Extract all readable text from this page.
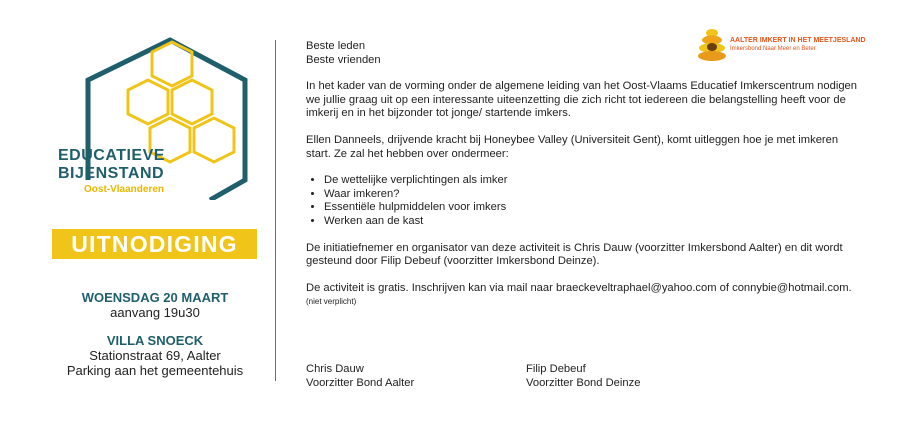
EDUCATIEVE
BIJENSTAND
Oost-Vlaanderen
UITNODIGING
WOENSDAG 20 MAART
aanvang 19u30
VILLA SNOECK
Stationstraat 69, Aalter
Parking aan het gemeentehuis
AALTER IMKERT IN HET MEETJESLAND
Imkersbond Naar Meer en Beter

Beste leden
Beste vrienden

In het kader van de vorming onder de algemene leiding van het Oost-Vlaams Educatief Imkerscentrum nodigen we jullie graag uit op een interessante uiteenzetting die zich richt tot iedereen die belangstelling heeft voor de imkerij en in het bijzonder tot jonge/ startende imkers.

Ellen Danneels, drijvende kracht bij Honeybee Valley (Universiteit Gent), komt uitleggen hoe je met imkeren start. Ze zal het hebben over ondermeer:

• De wettelijke verplichtingen als imker
• Waar imkeren?
• Essentiële hulpmiddelen voor imkers
• Werken aan de kast

De initiatiefnemer en organisator van deze activiteit is Chris Dauw (voorzitter Imkersbond Aalter) en dit wordt gesteund door Filip Debeuf (voorzitter Imkersbond Deinze).

De activiteit is gratis. Inschrijven kan via mail naar braeckeveltraphael@yahoo.com of connybie@hotmail.com. (niet verplicht)

Chris Dauw
Voorzitter Bond Aalter
Filip Debeuf
Voorzitter Bond Deinze
